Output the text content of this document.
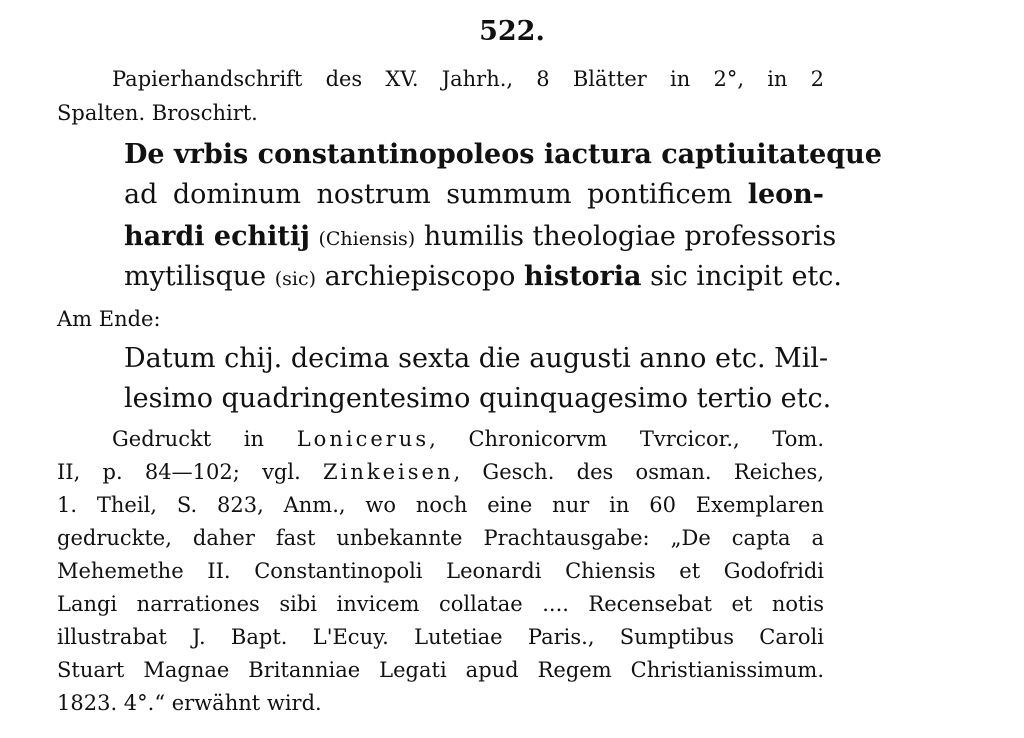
522.
Papierhandschrift des XV. Jahrh., 8 Blätter in 2°, in 2
Spalten. Broschirt.
De vrbis constantinopoleos iactura captiuitateque
ad dominum nostrum summum pontificem leon-
hardi echitij (Chiensis) humilis theologiae professoris
mytilisque (sic) archiepiscopo historia sic incipit etc.
Am Ende:
Datum chij. decima sexta die augusti anno etc. Mil-
lesimo quadringentesimo quinquagesimo tertio etc.
Gedruckt in Lonicerus, Chronicorvm Tvrcicor., Tom.
II, p. 84—102; vgl. Zinkeisen, Gesch. des osman. Reiches,
1. Theil, S. 823, Anm., wo noch eine nur in 60 Exemplaren
gedruckte, daher fast unbekannte Prachtausgabe: „De capta a
Mehemethe II. Constantinopoli Leonardi Chiensis et Godofridi
Langi narrationes sibi invicem collatae .... Recensebat et notis
illustrabat J. Bapt. L'Ecuy. Lutetiae Paris., Sumptibus Caroli
Stuart Magnae Britanniae Legati apud Regem Christianissimum.
1823. 4°.“ erwähnt wird.
